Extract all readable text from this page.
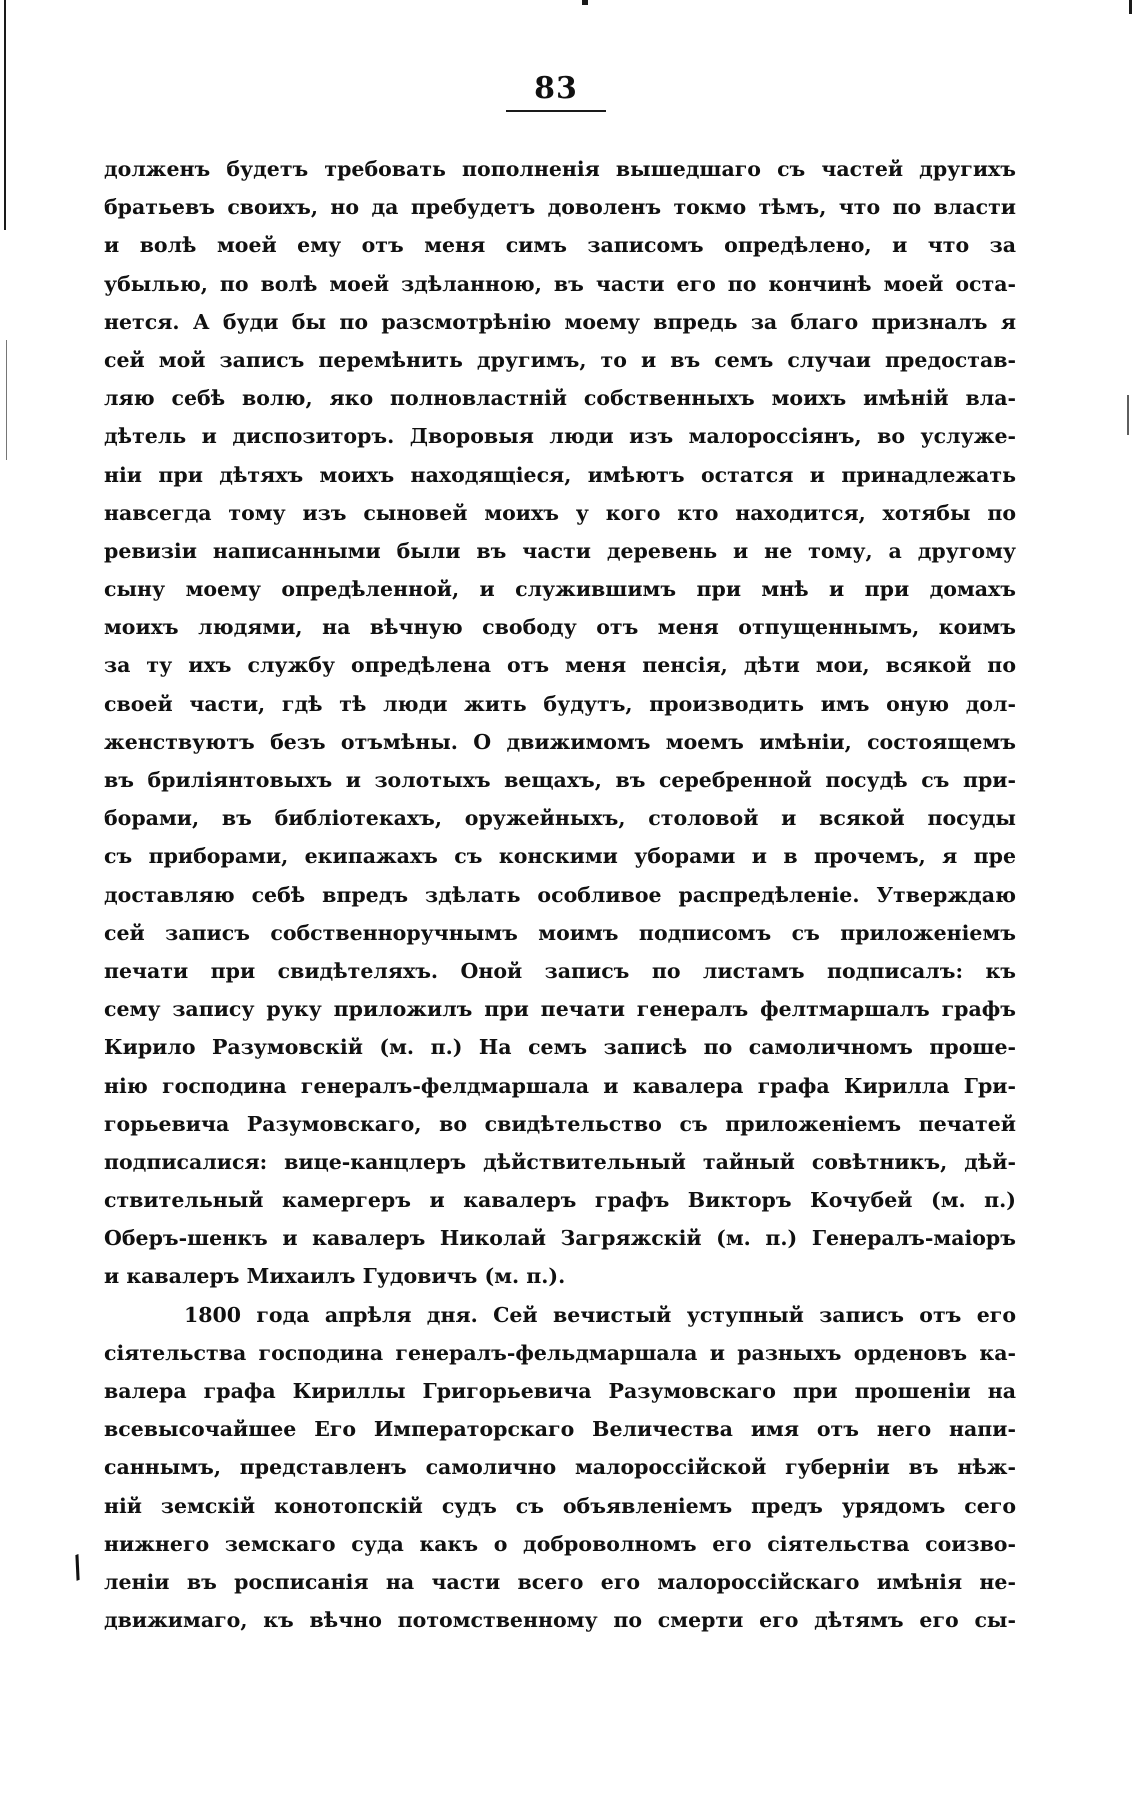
83
долженъ будетъ требовать пополненія вышедшаго съ частей другихъ
братьевъ своихъ, но да пребудетъ доволенъ токмо тѣмъ, что по власти
и волѣ моей ему отъ меня симъ записомъ опредѣлено, и что за
убылью, по волѣ моей здѣланною, въ части его по кончинѣ моей оста-
нется. А буди бы по разсмотрѣнію моему впредь за благо призналъ я
сей мой записъ перемѣнить другимъ, то и въ семъ случаи предостав-
ляю себѣ волю, яко полновластній собственныхъ моихъ имѣній вла-
дѣтель и диспозиторъ. Дворовыя люди изъ малороссіянъ, во услуже-
ніи при дѣтяхъ моихъ находящіеся, имѣютъ остатся и принадлежать
навсегда тому изъ сыновей моихъ у кого кто находится, хотябы по
ревизіи написанными были въ части деревень и не тому, а другому
сыну моему опредѣленной, и служившимъ при мнѣ и при домахъ
моихъ людями, на вѣчную свободу отъ меня отпущеннымъ, коимъ
за ту ихъ службу опредѣлена отъ меня пенсія, дѣти мои, всякой по
своей части, гдѣ тѣ люди жить будутъ, производить имъ оную дол-
женствуютъ безъ отъмѣны. О движимомъ моемъ имѣніи, состоящемъ
въ бриліянтовыхъ и золотыхъ вещахъ, въ серебренной посудѣ съ при-
борами, въ библіотекахъ, оружейныхъ, столовой и всякой посуды
съ приборами, екипажахъ съ конскими уборами и в прочемъ, я пре
доставляю себѣ впредъ здѣлать особливое распредѣленіе. Утверждаю
сей записъ собственноручнымъ моимъ подписомъ съ приложеніемъ
печати при свидѣтеляхъ. Оной записъ по листамъ подписалъ: къ
сему запису руку приложилъ при печати генералъ фелтмаршалъ графъ
Кирило Разумовскій (м. п.) На семъ записѣ по самоличномъ проше-
нію господина генералъ-фелдмаршала и кавалера графа Кирилла Гри-
горьевича Разумовскаго, во свидѣтельство съ приложеніемъ печатей
подписалися: вице-канцлеръ дѣйствительный тайный совѣтникъ, дѣй-
ствительный камергеръ и кавалеръ графъ Викторъ Кочубей (м. п.)
Оберъ-шенкъ и кавалеръ Николай Загряжскій (м. п.) Генералъ-маіоръ
и кавалеръ Михаилъ Гудовичъ (м. п.).
1800 года апрѣля дня. Сей вечистый уступный записъ отъ его
сіятельства господина генералъ-фельдмаршала и разныхъ орденовъ ка-
валера графа Кириллы Григорьевича Разумовскаго при прошеніи на
всевысочайшее Его Императорскаго Величества имя отъ него напи-
саннымъ, представленъ самолично малороссійской губерніи въ нѣж-
ній земскій конотопскій судъ съ объявленіемъ предъ урядомъ сего
нижнего земскаго суда какъ о доброволномъ его сіятельства соизво-
леніи въ росписанія на части всего его малороссійскаго имѣнія не-
движимаго, къ вѣчно потомственному по смерти его дѣтямъ его сы-
/
